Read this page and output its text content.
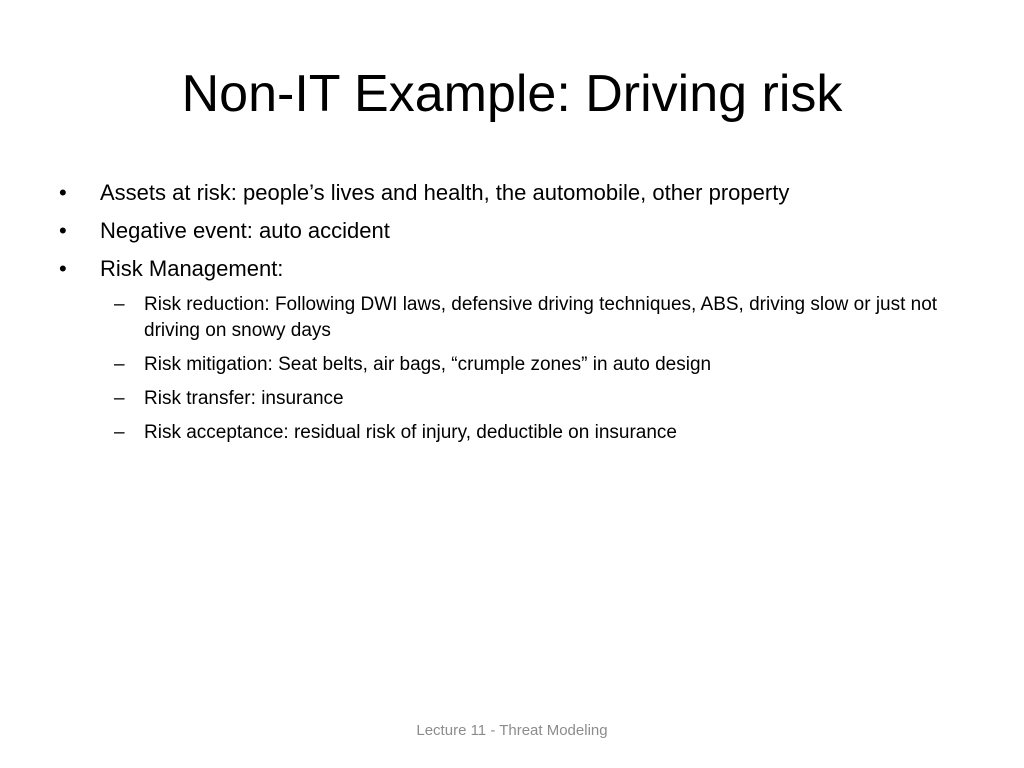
Non-IT Example: Driving risk
•	Assets at risk: people’s lives and health, the automobile, other property
•	Negative event: auto accident
•	Risk Management:
–	Risk reduction: Following DWI laws, defensive driving techniques, ABS, driving slow or just not driving on snowy days
–	Risk mitigation: Seat belts, air bags, “crumple zones” in auto design
–	Risk transfer: insurance
–	Risk acceptance: residual risk of injury, deductible on insurance
Lecture 11 - Threat Modeling
